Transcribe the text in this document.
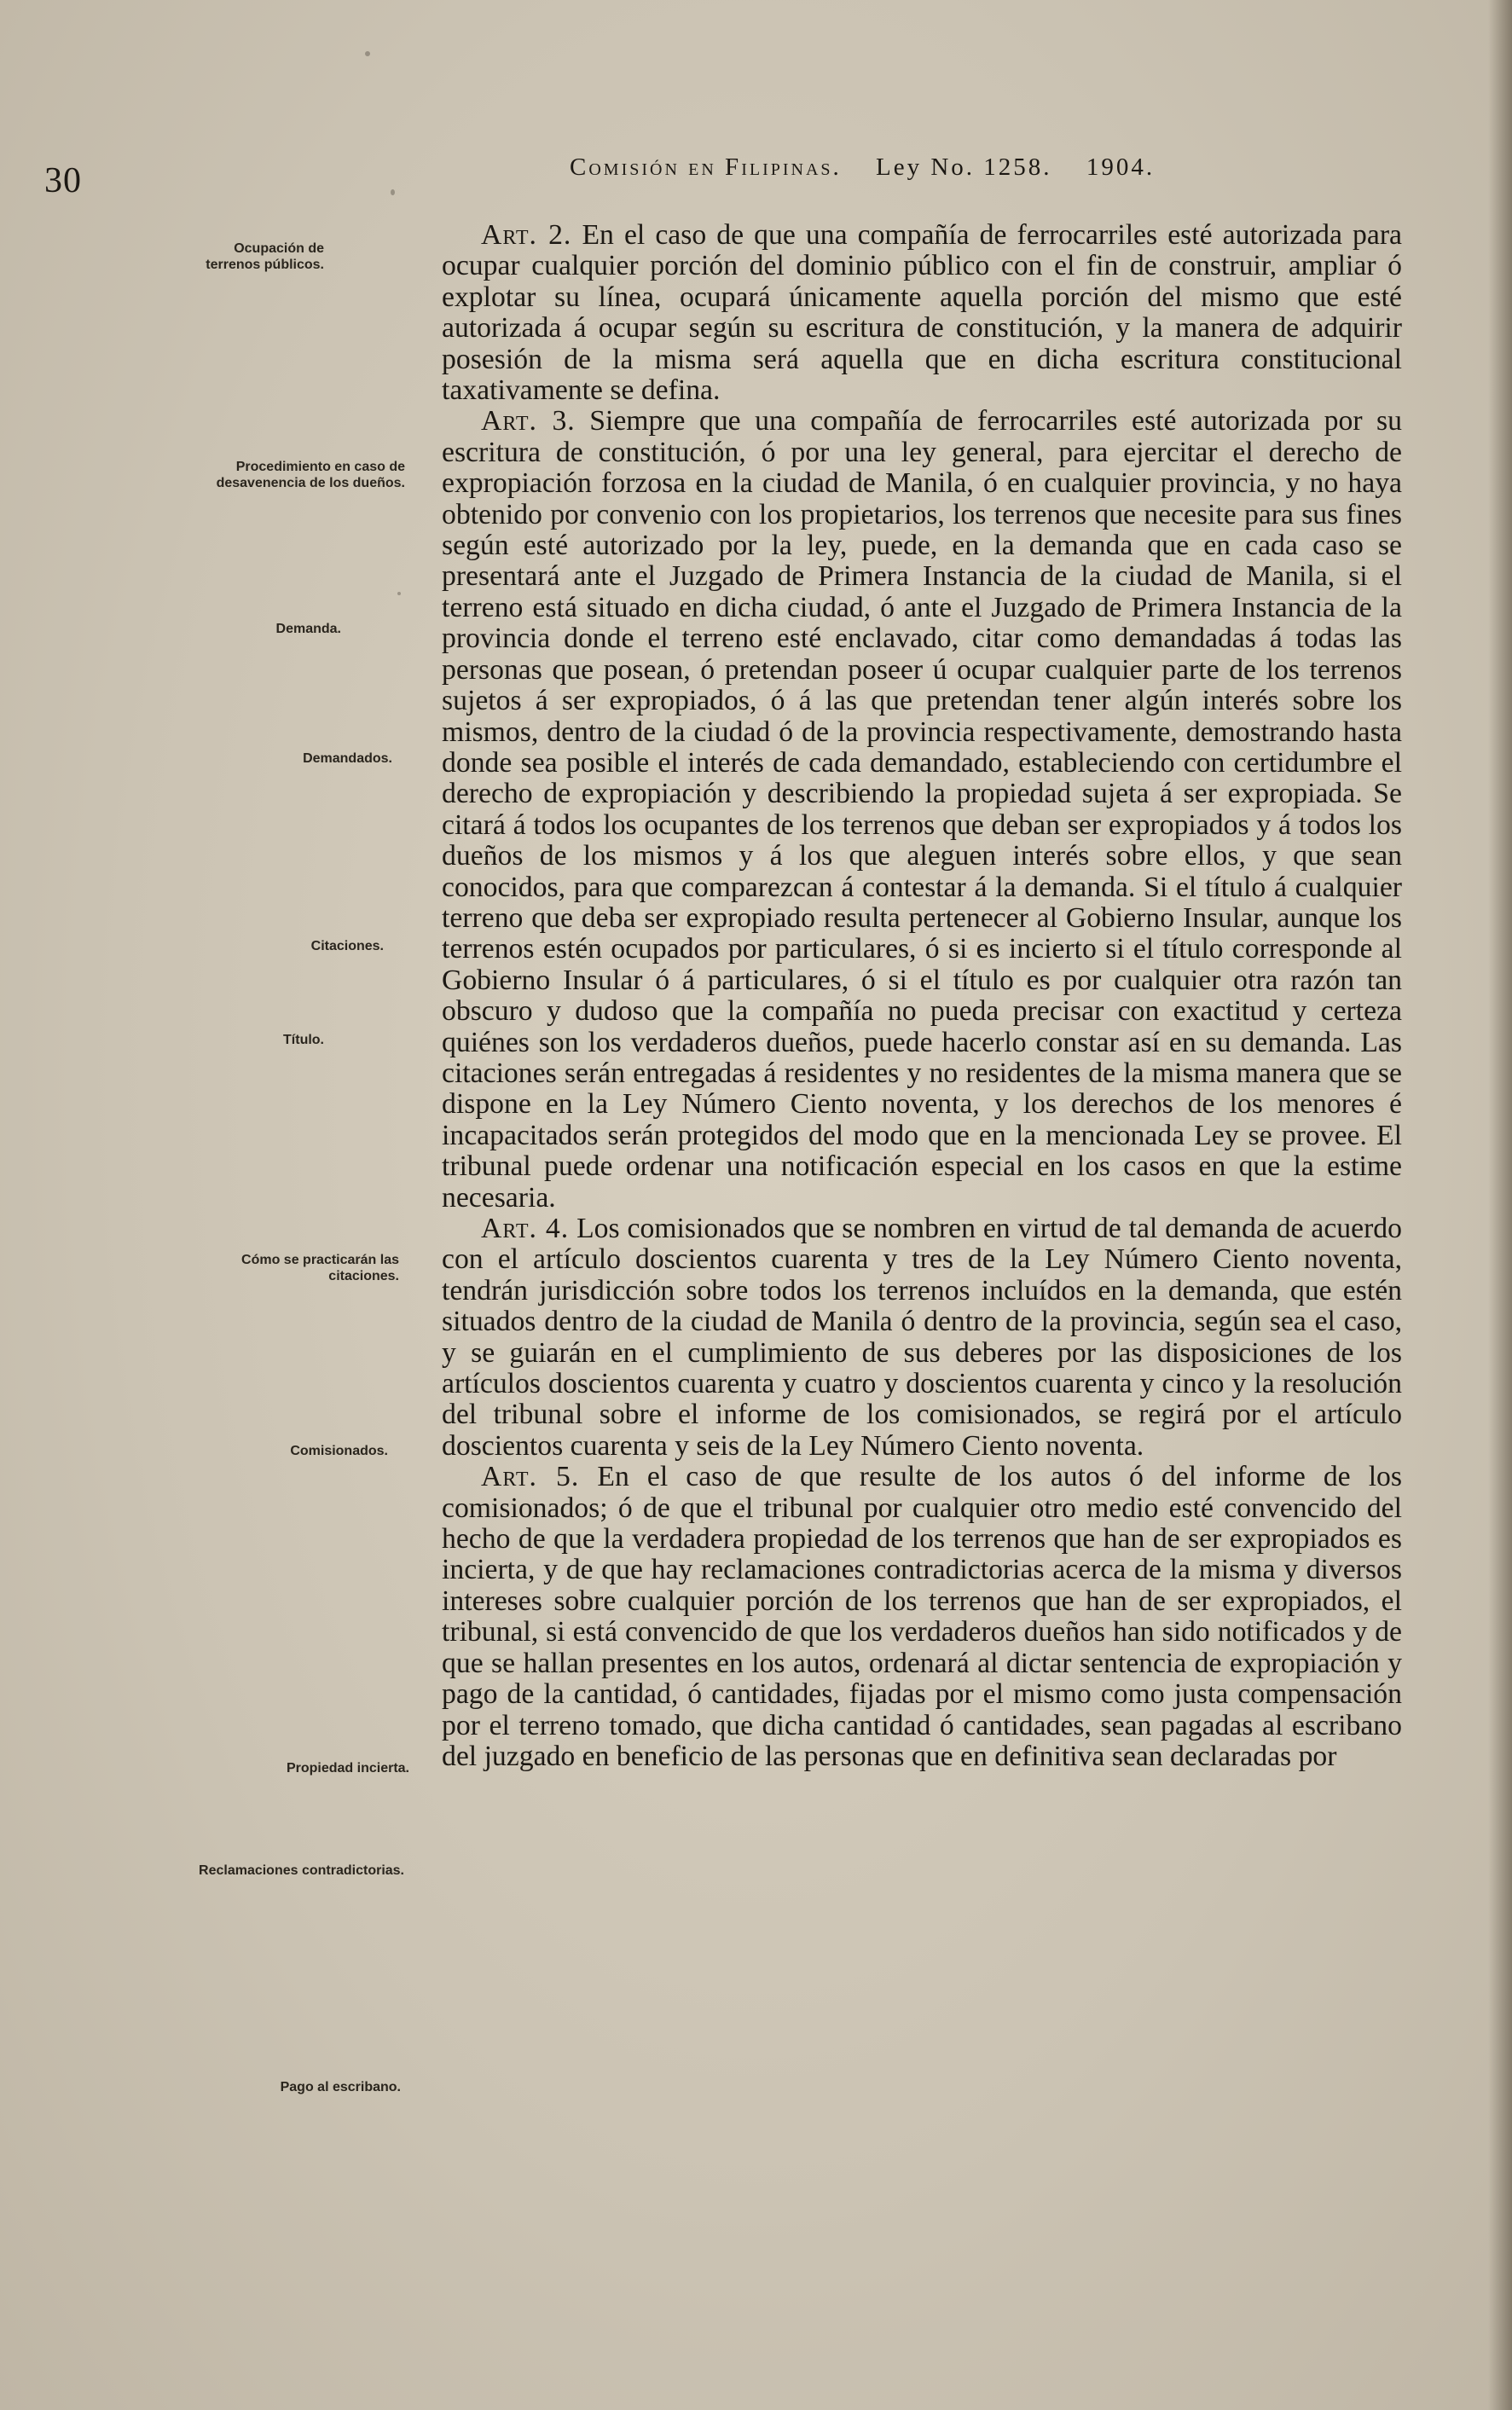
30	Comisión en Filipinas. Ley No. 1258. 1904.
Ocupación de terrenos públicos.
Procedimiento en caso de desavenencia de los dueños.
Demanda.
Demandados.
Citaciones.
Título.
Cómo se practicarán las citaciones.
Comisionados.
Propiedad incierta.
Reclamaciones contradictorias.
Pago al escribano.

Art. 2. En el caso de que una compañía de ferrocarriles esté autorizada para ocupar cualquier porción del dominio público con el fin de construir, ampliar ó explotar su línea, ocupará únicamente aquella porción del mismo que esté autorizada á ocupar según su escritura de constitución, y la manera de adquirir posesión de la misma será aquella que en dicha escritura constitucional taxativamente se defina.

Art. 3. Siempre que una compañía de ferrocarriles esté autorizada por su escritura de constitución, ó por una ley general, para ejercitar el derecho de expropiación forzosa en la ciudad de Manila, ó en cualquier provincia, y no haya obtenido por convenio con los propietarios, los terrenos que necesite para sus fines según esté autorizado por la ley, puede, en la demanda que en cada caso se presentará ante el Juzgado de Primera Instancia de la ciudad de Manila, si el terreno está situado en dicha ciudad, ó ante el Juzgado de Primera Instancia de la provincia donde el terreno esté enclavado, citar como demandadas á todas las personas que posean, ó pretendan poseer ú ocupar cualquier parte de los terrenos sujetos á ser expropiados, ó á las que pretendan tener algún interés sobre los mismos, dentro de la ciudad ó de la provincia respectivamente, demostrando hasta donde sea posible el interés de cada demandado, estableciendo con certidumbre el derecho de expropiación y describiendo la propiedad sujeta á ser expropiada. Se citará á todos los ocupantes de los terrenos que deban ser expropiados y á todos los dueños de los mismos y á los que aleguen interés sobre ellos, y que sean conocidos, para que comparezcan á contestar á la demanda. Si el título á cualquier terreno que deba ser expropiado resulta pertenecer al Gobierno Insular, aunque los terrenos estén ocupados por particulares, ó si es incierto si el título corresponde al Gobierno Insular ó á particulares, ó si el título es por cualquier otra razón tan obscuro y dudoso que la compañía no pueda precisar con exactitud y certeza quiénes son los verdaderos dueños, puede hacerlo constar así en su demanda. Las citaciones serán entregadas á residentes y no residentes de la misma manera que se dispone en la Ley Número Ciento noventa, y los derechos de los menores é incapacitados serán protegidos del modo que en la mencionada Ley se provee. El tribunal puede ordenar una notificación especial en los casos en que la estime necesaria.

Art. 4. Los comisionados que se nombren en virtud de tal demanda de acuerdo con el artículo doscientos cuarenta y tres de la Ley Número Ciento noventa, tendrán jurisdicción sobre todos los terrenos incluídos en la demanda, que estén situados dentro de la ciudad de Manila ó dentro de la provincia, según sea el caso, y se guiarán en el cumplimiento de sus deberes por las disposiciones de los artículos doscientos cuarenta y cuatro y doscientos cuarenta y cinco y la resolución del tribunal sobre el informe de los comisionados, se regirá por el artículo doscientos cuarenta y seis de la Ley Número Ciento noventa.

Art. 5. En el caso de que resulte de los autos ó del informe de los comisionados; ó de que el tribunal por cualquier otro medio esté convencido del hecho de que la verdadera propiedad de los terrenos que han de ser expropiados es incierta, y de que hay reclamaciones contradictorias acerca de la misma y diversos intereses sobre cualquier porción de los terrenos que han de ser expropiados, el tribunal, si está convencido de que los verdaderos dueños han sido notificados y de que se hallan presentes en los autos, ordenará al dictar sentencia de expropiación y pago de la cantidad, ó cantidades, fijadas por el mismo como justa compensación por el terreno tomado, que dicha cantidad ó cantidades, sean pagadas al escribano del juzgado en beneficio de las personas que en definitiva sean declaradas por
